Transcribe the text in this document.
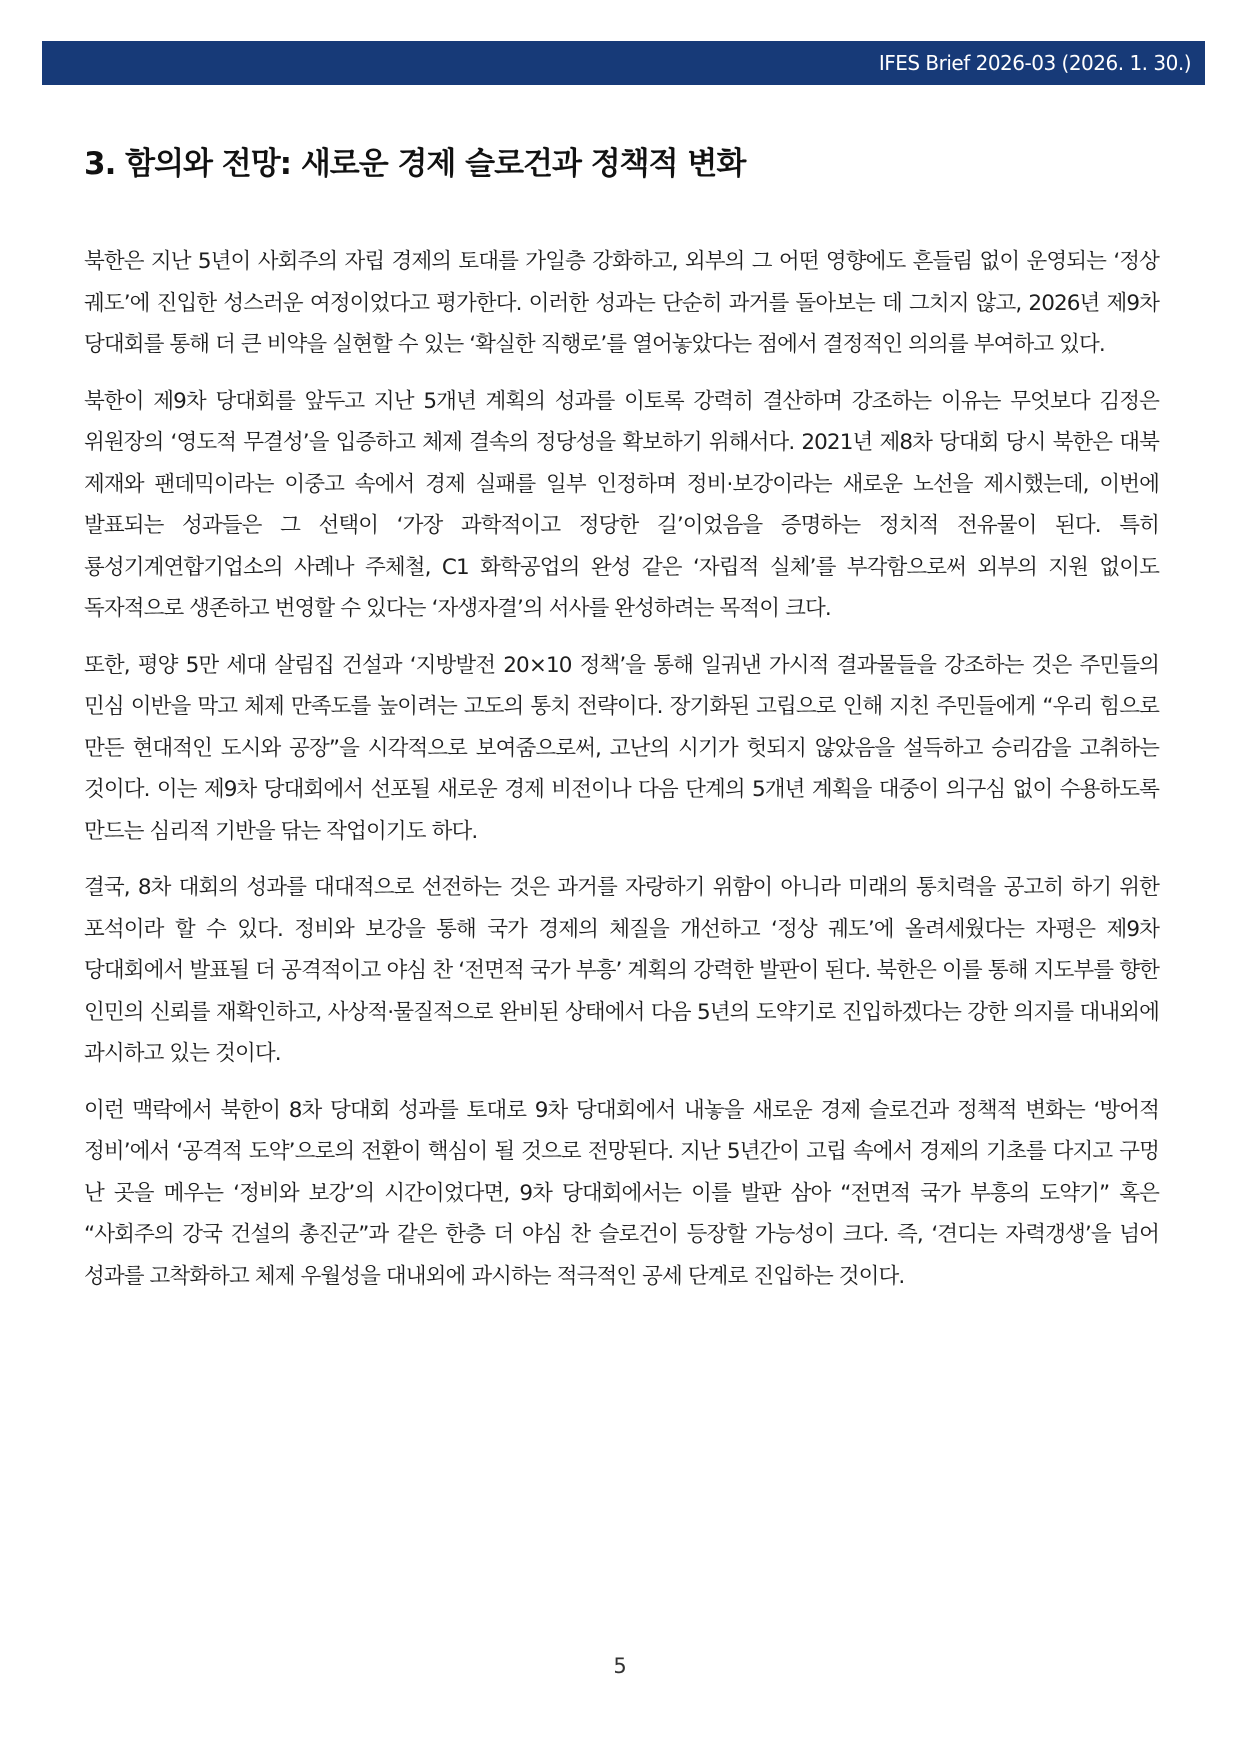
IFES Brief 2026-03 (2026. 1. 30.)
3. 함의와 전망: 새로운 경제 슬로건과 정책적 변화

북한은 지난 5년이 사회주의 자립 경제의 토대를 가일층 강화하고, 외부의 그 어떤 영향에도 흔들림 없이 운영되는 ‘정상 궤도’에 진입한 성스러운 여정이었다고 평가한다. 이러한 성과는 단순히 과거를 돌아보는 데 그치지 않고, 2026년 제9차 당대회를 통해 더 큰 비약을 실현할 수 있는 ‘확실한 직행로’를 열어놓았다는 점에서 결정적인 의의를 부여하고 있다.

북한이 제9차 당대회를 앞두고 지난 5개년 계획의 성과를 이토록 강력히 결산하며 강조하는 이유는 무엇보다 김정은 위원장의 ‘영도적 무결성’을 입증하고 체제 결속의 정당성을 확보하기 위해서다. 2021년 제8차 당대회 당시 북한은 대북 제재와 팬데믹이라는 이중고 속에서 경제 실패를 일부 인정하며 정비·보강이라는 새로운 노선을 제시했는데, 이번에 발표되는 성과들은 그 선택이 ‘가장 과학적이고 정당한 길’이었음을 증명하는 정치적 전유물이 된다. 특히 룡성기계연합기업소의 사례나 주체철, C1 화학공업의 완성 같은 ‘자립적 실체’를 부각함으로써 외부의 지원 없이도 독자적으로 생존하고 번영할 수 있다는 ‘자생자결’의 서사를 완성하려는 목적이 크다.

또한, 평양 5만 세대 살림집 건설과 ‘지방발전 20×10 정책’을 통해 일궈낸 가시적 결과물들을 강조하는 것은 주민들의 민심 이반을 막고 체제 만족도를 높이려는 고도의 통치 전략이다. 장기화된 고립으로 인해 지친 주민들에게 “우리 힘으로 만든 현대적인 도시와 공장”을 시각적으로 보여줌으로써, 고난의 시기가 헛되지 않았음을 설득하고 승리감을 고취하는 것이다. 이는 제9차 당대회에서 선포될 새로운 경제 비전이나 다음 단계의 5개년 계획을 대중이 의구심 없이 수용하도록 만드는 심리적 기반을 닦는 작업이기도 하다.

결국, 8차 대회의 성과를 대대적으로 선전하는 것은 과거를 자랑하기 위함이 아니라 미래의 통치력을 공고히 하기 위한 포석이라 할 수 있다. 정비와 보강을 통해 국가 경제의 체질을 개선하고 ‘정상 궤도’에 올려세웠다는 자평은 제9차 당대회에서 발표될 더 공격적이고 야심 찬 ‘전면적 국가 부흥’ 계획의 강력한 발판이 된다. 북한은 이를 통해 지도부를 향한 인민의 신뢰를 재확인하고, 사상적·물질적으로 완비된 상태에서 다음 5년의 도약기로 진입하겠다는 강한 의지를 대내외에 과시하고 있는 것이다.

이런 맥락에서 북한이 8차 당대회 성과를 토대로 9차 당대회에서 내놓을 새로운 경제 슬로건과 정책적 변화는 ‘방어적 정비’에서 ‘공격적 도약’으로의 전환이 핵심이 될 것으로 전망된다. 지난 5년간이 고립 속에서 경제의 기초를 다지고 구멍 난 곳을 메우는 ‘정비와 보강’의 시간이었다면, 9차 당대회에서는 이를 발판 삼아 “전면적 국가 부흥의 도약기” 혹은 “사회주의 강국 건설의 총진군”과 같은 한층 더 야심 찬 슬로건이 등장할 가능성이 크다. 즉, ‘견디는 자력갱생’을 넘어 성과를 고착화하고 체제 우월성을 대내외에 과시하는 적극적인 공세 단계로 진입하는 것이다.

5
